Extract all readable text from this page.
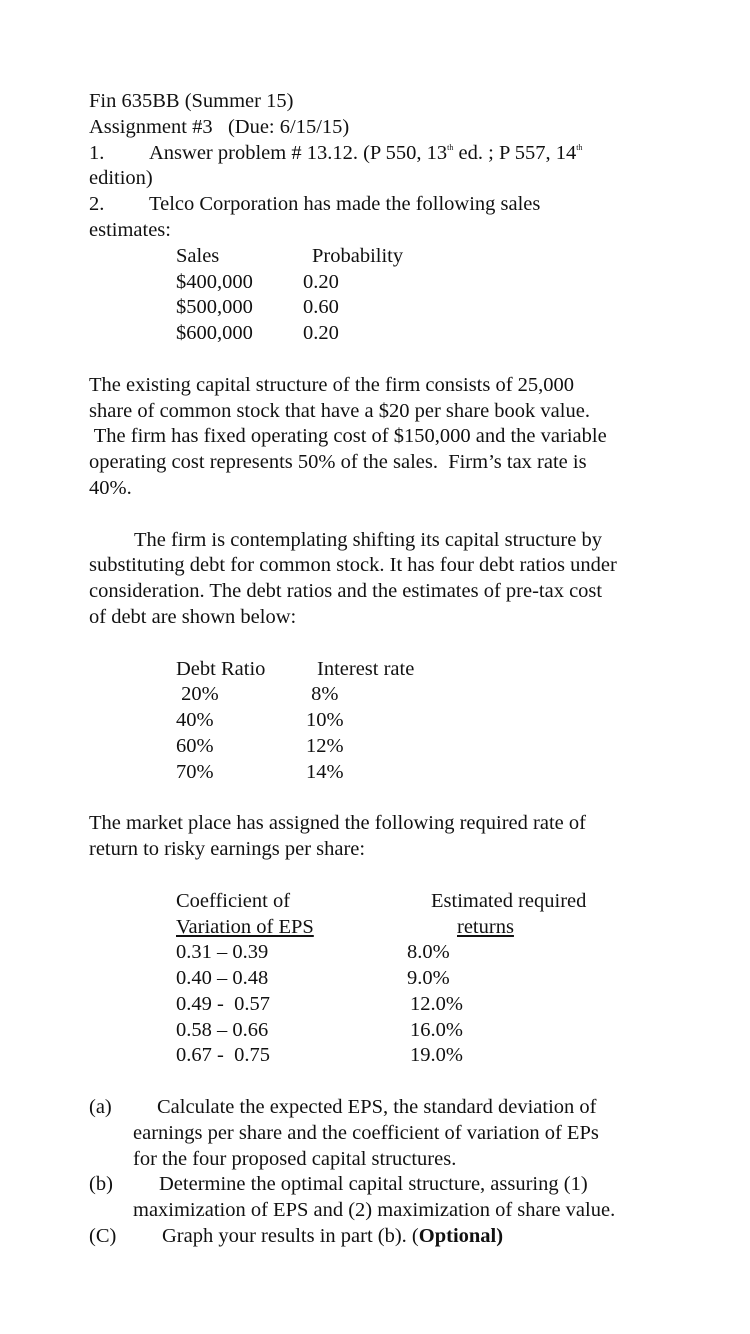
Fin 635BB (Summer 15)
Assignment #3   (Due: 6/15/15)
1. Answer problem # 13.12. (P 550, 13th ed. ; P 557, 14th
edition)
2. Telco Corporation has made the following sales
estimates:
Sales	Probability
$400,000 0.20
$500,000 0.60
$600,000 0.20
The existing capital structure of the firm consists of 25,000
share of common stock that have a $20 per share book value.
The firm has fixed operating cost of $150,000 and the variable
operating cost represents 50% of the sales.  Firm’s tax rate is
40%.
The firm is contemplating shifting its capital structure by
substituting debt for common stock. It has four debt ratios under
consideration. The debt ratios and the estimates of pre-tax cost
of debt are shown below:
Debt Ratio	Interest rate
20%	8%
40%	10%
60%	12%
70%	14%
The market place has assigned the following required rate of
return to risky earnings per share:
Coefficient of	Estimated required
Variation of EPS	returns
0.31 – 0.39	8.0%
0.40 – 0.48	9.0%
0.49 -  0.57	12.0%
0.58 – 0.66	16.0%
0.67 -  0.75	19.0%
(a)	Calculate the expected EPS, the standard deviation of
earnings per share and the coefficient of variation of EPs
for the four proposed capital structures.
(b)	Determine the optimal capital structure, assuring (1)
maximization of EPS and (2) maximization of share value.
(C)	Graph your results in part (b). (Optional)
